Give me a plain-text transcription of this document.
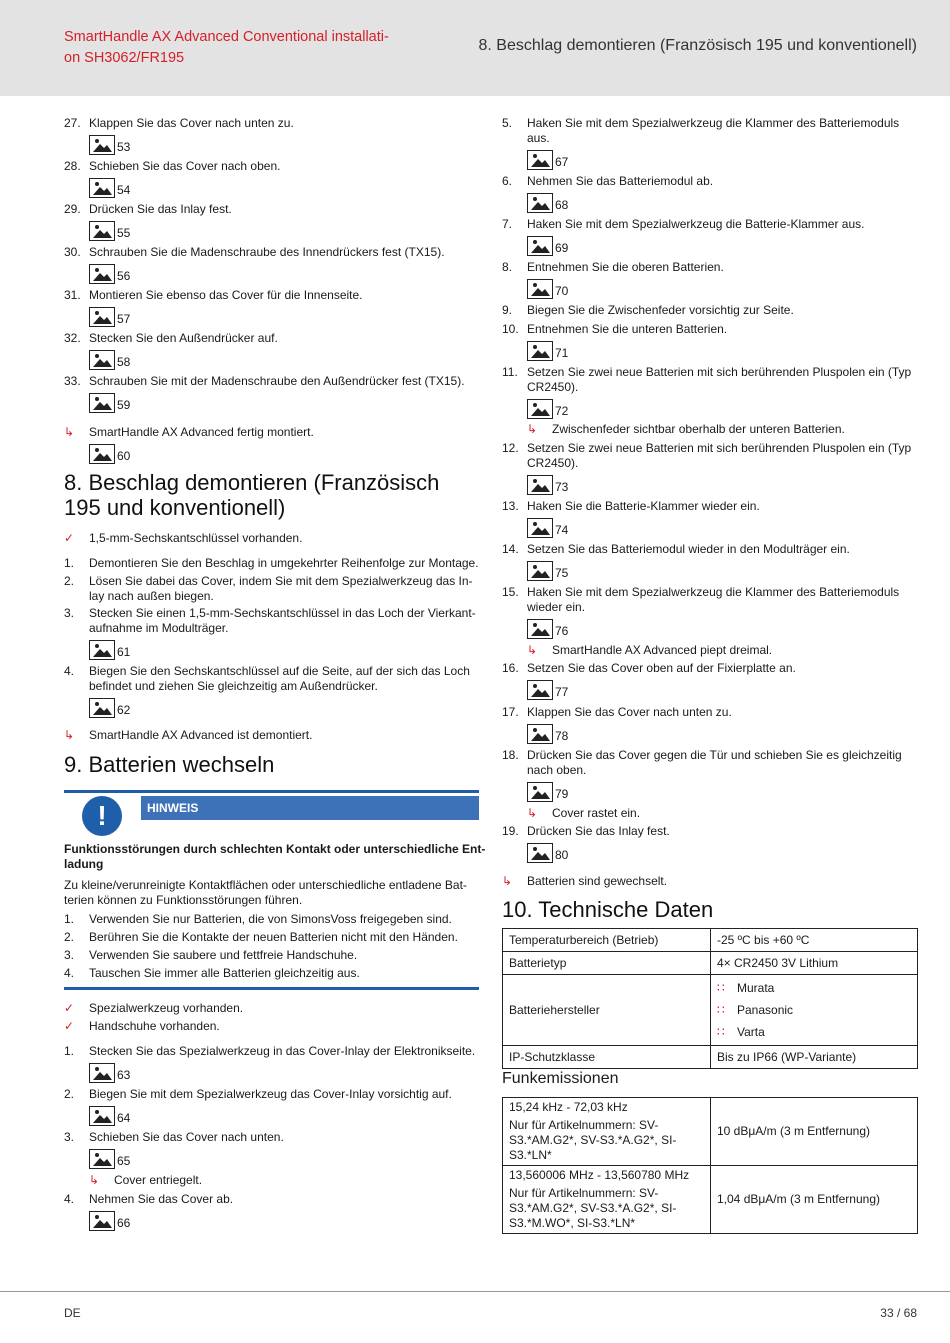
SmartHandle AX Advanced Conventional installati-
on SH3062/FR195
8. Beschlag demontieren (Französisch 195 und konventionell)
DE	33 / 68
27. Klappen Sie das Cover nach unten zu.
53
28. Schieben Sie das Cover nach oben.
54
29. Drücken Sie das Inlay fest.
55
30. Schrauben Sie die Madenschraube des Innendrückers fest (TX15).
56
31. Montieren Sie ebenso das Cover für die Innenseite.
57
32. Stecken Sie den Außendrücker auf.
58
33. Schrauben Sie mit der Madenschraube den Außendrücker fest (TX15).
59
↳ SmartHandle AX Advanced fertig montiert.
60
8. Beschlag demontieren (Französisch
195 und konventionell)
✓ 1,5-mm-Sechskantschlüssel vorhanden.
1.
2.
3.
4.
Demontieren Sie den Beschlag in umgekehrter Reihenfolge zur Montage.
Lösen Sie dabei das Cover, indem Sie mit dem Spezialwerkzeug das In-
lay nach außen biegen.
Stecken Sie einen 1,5-mm-Sechskantschlüssel in das Loch der Vierkant-
aufnahme im Modulträger.
61
Biegen Sie den Sechskantschlüssel auf die Seite, auf der sich das Loch
befindet und ziehen Sie gleichzeitig am Außendrücker.
62
↳ SmartHandle AX Advanced ist demontiert.
9. Batterien wechseln
!	HINWEIS
Funktionsstörungen durch schlechten Kontakt oder unterschiedliche Ent-
ladung
Zu kleine/verunreinigte Kontaktflächen oder unterschiedliche entladene Bat-
terien können zu Funktionsstörungen führen.
1. Verwenden Sie nur Batterien, die von SimonsVoss freigegeben sind.
2. Berühren Sie die Kontakte der neuen Batterien nicht mit den Händen.
3. Verwenden Sie saubere und fettfreie Handschuhe.
4. Tauschen Sie immer alle Batterien gleichzeitig aus.
✓ Spezialwerkzeug vorhanden.
✓ Handschuhe vorhanden.
1. Stecken Sie das Spezialwerkzeug in das Cover-Inlay der Elektronikseite.
63
2. Biegen Sie mit dem Spezialwerkzeug das Cover-Inlay vorsichtig auf.
64
3. Schieben Sie das Cover nach unten.
65
↳ Cover entriegelt.
4. Nehmen Sie das Cover ab.
66
5. Haken Sie mit dem Spezialwerkzeug die Klammer des Batteriemoduls
aus.
67
6. Nehmen Sie das Batteriemodul ab.
68
7. Haken Sie mit dem Spezialwerkzeug die Batterie-Klammer aus.
69
8. Entnehmen Sie die oberen Batterien.
70
9. Biegen Sie die Zwischenfeder vorsichtig zur Seite.
10. Entnehmen Sie die unteren Batterien.
71
11. Setzen Sie zwei neue Batterien mit sich berührenden Pluspolen ein (Typ
CR2450).
72
↳ Zwischenfeder sichtbar oberhalb der unteren Batterien.
12. Setzen Sie zwei neue Batterien mit sich berührenden Pluspolen ein (Typ
CR2450).
73
13. Haken Sie die Batterie-Klammer wieder ein.
74
14. Setzen Sie das Batteriemodul wieder in den Modulträger ein.
75
15. Haken Sie mit dem Spezialwerkzeug die Klammer des Batteriemoduls
wieder ein.
76
↳ SmartHandle AX Advanced piept dreimal.
16. Setzen Sie das Cover oben auf der Fixierplatte an.
77
17. Klappen Sie das Cover nach unten zu.
78
18. Drücken Sie das Cover gegen die Tür und schieben Sie es gleichzeitig
nach oben.
79
↳ Cover rastet ein.
19. Drücken Sie das Inlay fest.
80
↳ Batterien sind gewechselt.
10. Technische Daten
Temperaturbereich (Betrieb)	-25 ºC bis +60 ºC
Batterietyp	4× CR2450 3V Lithium
Batteriehersteller	∷ Murata
∷ Panasonic
∷ Varta

IP-Schutzklasse	Bis zu IP66 (WP-Variante)
Funkemissionen
15,24 kHz - 72,03 kHz
Nur für Artikelnummern: SV-
S3.*AM.G2*, SV-S3.*A.G2*, SI-
S3.*LN*	10 dBμA/m (3 m Entfernung)

13,560006 MHz - 13,560780 MHz
Nur für Artikelnummern: SV-
S3.*AM.G2*, SV-S3.*A.G2*, SI-
S3.*M.WO*, SI-S3.*LN*	1,04 dBμA/m (3 m Entfernung)
